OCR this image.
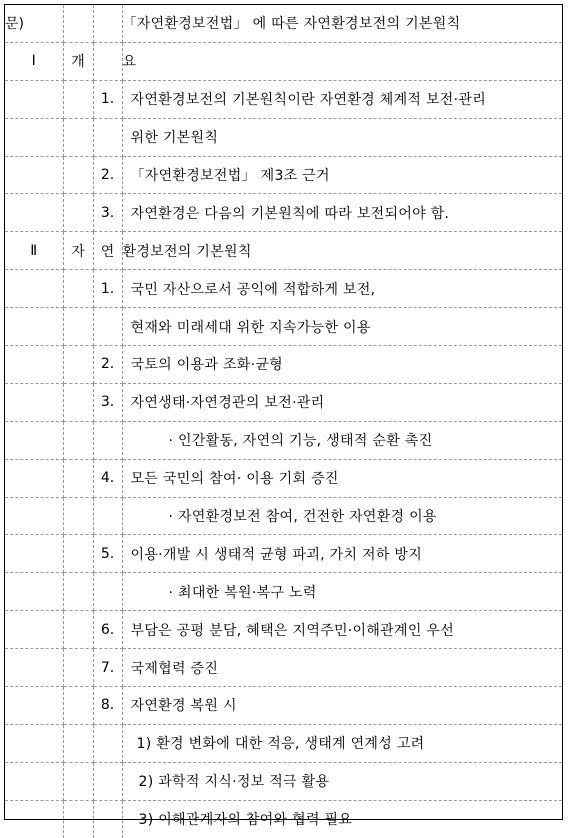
문)			「자연환경보전법」 에 따른 자연환경보전의 기본원칙
Ⅰ	개		요
		1.	자연환경보전의 기본원칙이란 자연환경 체계적 보전·관리
			위한 기본원칙
		2.	「자연환경보전법」 제3조 근거
		3.	자연환경은 다음의 기본원칙에 따라 보전되어야 함.
Ⅱ	자	연	환경보전의 기본원칙
		1.	국민 자산으로서 공익에 적합하게 보전,
			현재와 미래세대 위한 지속가능한 이용
		2.	국토의 이용과 조화·균형
		3.	자연생태·자연경관의 보전·관리
			· 인간활동, 자연의 기능, 생태적 순환 촉진
		4.	모든 국민의 참여· 이용 기회 증진
			· 자연환경보전 참여, 건전한 자연환경 이용
		5.	이용·개발 시 생태적 균형 파괴, 가치 저하 방지
			· 최대한 복원·복구 노력
		6.	부담은 공평 분담, 혜택은 지역주민·이해관계인 우선
		7.	국제협력 증진
		8.	자연환경 복원 시
			1) 환경 변화에 대한 적응, 생태계 연계성 고려
			2) 과학적 지식·정보 적극 활용
			3) 이해관계자의 참여와 협력 필요
